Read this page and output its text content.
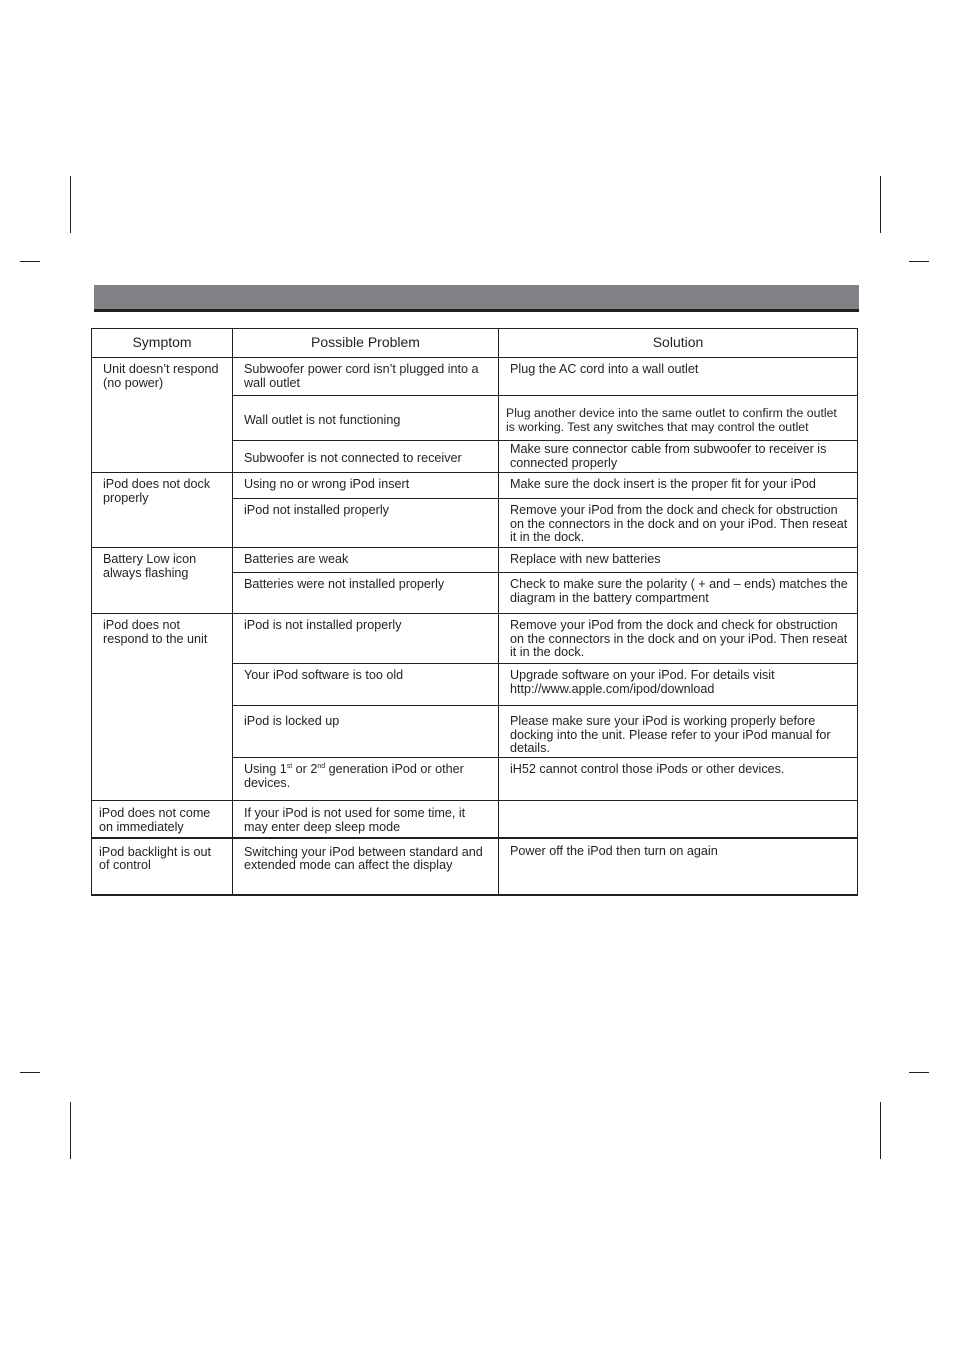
Symptom	Possible Problem	Solution
Unit doesn’t respond (no power)	Subwoofer power cord isn’t plugged into a wall outlet	Plug the AC cord into a wall outlet
	Wall outlet is not functioning	Plug another device into the same outlet to confirm the outlet is working. Test any switches that may control the outlet
	Subwoofer is not connected to receiver	Make sure connector cable from subwoofer to receiver is connected properly
iPod does not dock properly	Using no or wrong iPod insert	Make sure the dock insert is the proper fit for your iPod
	iPod not installed properly	Remove your iPod from the dock and check for obstruction on the connectors in the dock and on your iPod. Then reseat it in the dock.
Battery Low icon always flashing	Batteries are weak	Replace with new batteries
	Batteries were not installed properly	Check to make sure the polarity ( + and – ends) matches the diagram in the battery compartment
iPod does not respond to the unit	iPod is not installed properly	Remove your iPod from the dock and check for obstruction on the connectors in the dock and on your iPod. Then reseat it in the dock.
	Your iPod software is too old	Upgrade software on your iPod. For details visit http://www.apple.com/ipod/download
	iPod is locked up	Please make sure your iPod is working properly before docking into the unit. Please refer to your iPod manual for details.
	Using 1st or 2nd generation iPod or other devices.	iH52 cannot control those iPods or other devices.
iPod does not come on immediately	If your iPod is not used for some time, it may enter deep sleep mode	
iPod backlight is out of control	Switching your iPod between standard and extended mode can affect the display	Power off the iPod then turn on again
